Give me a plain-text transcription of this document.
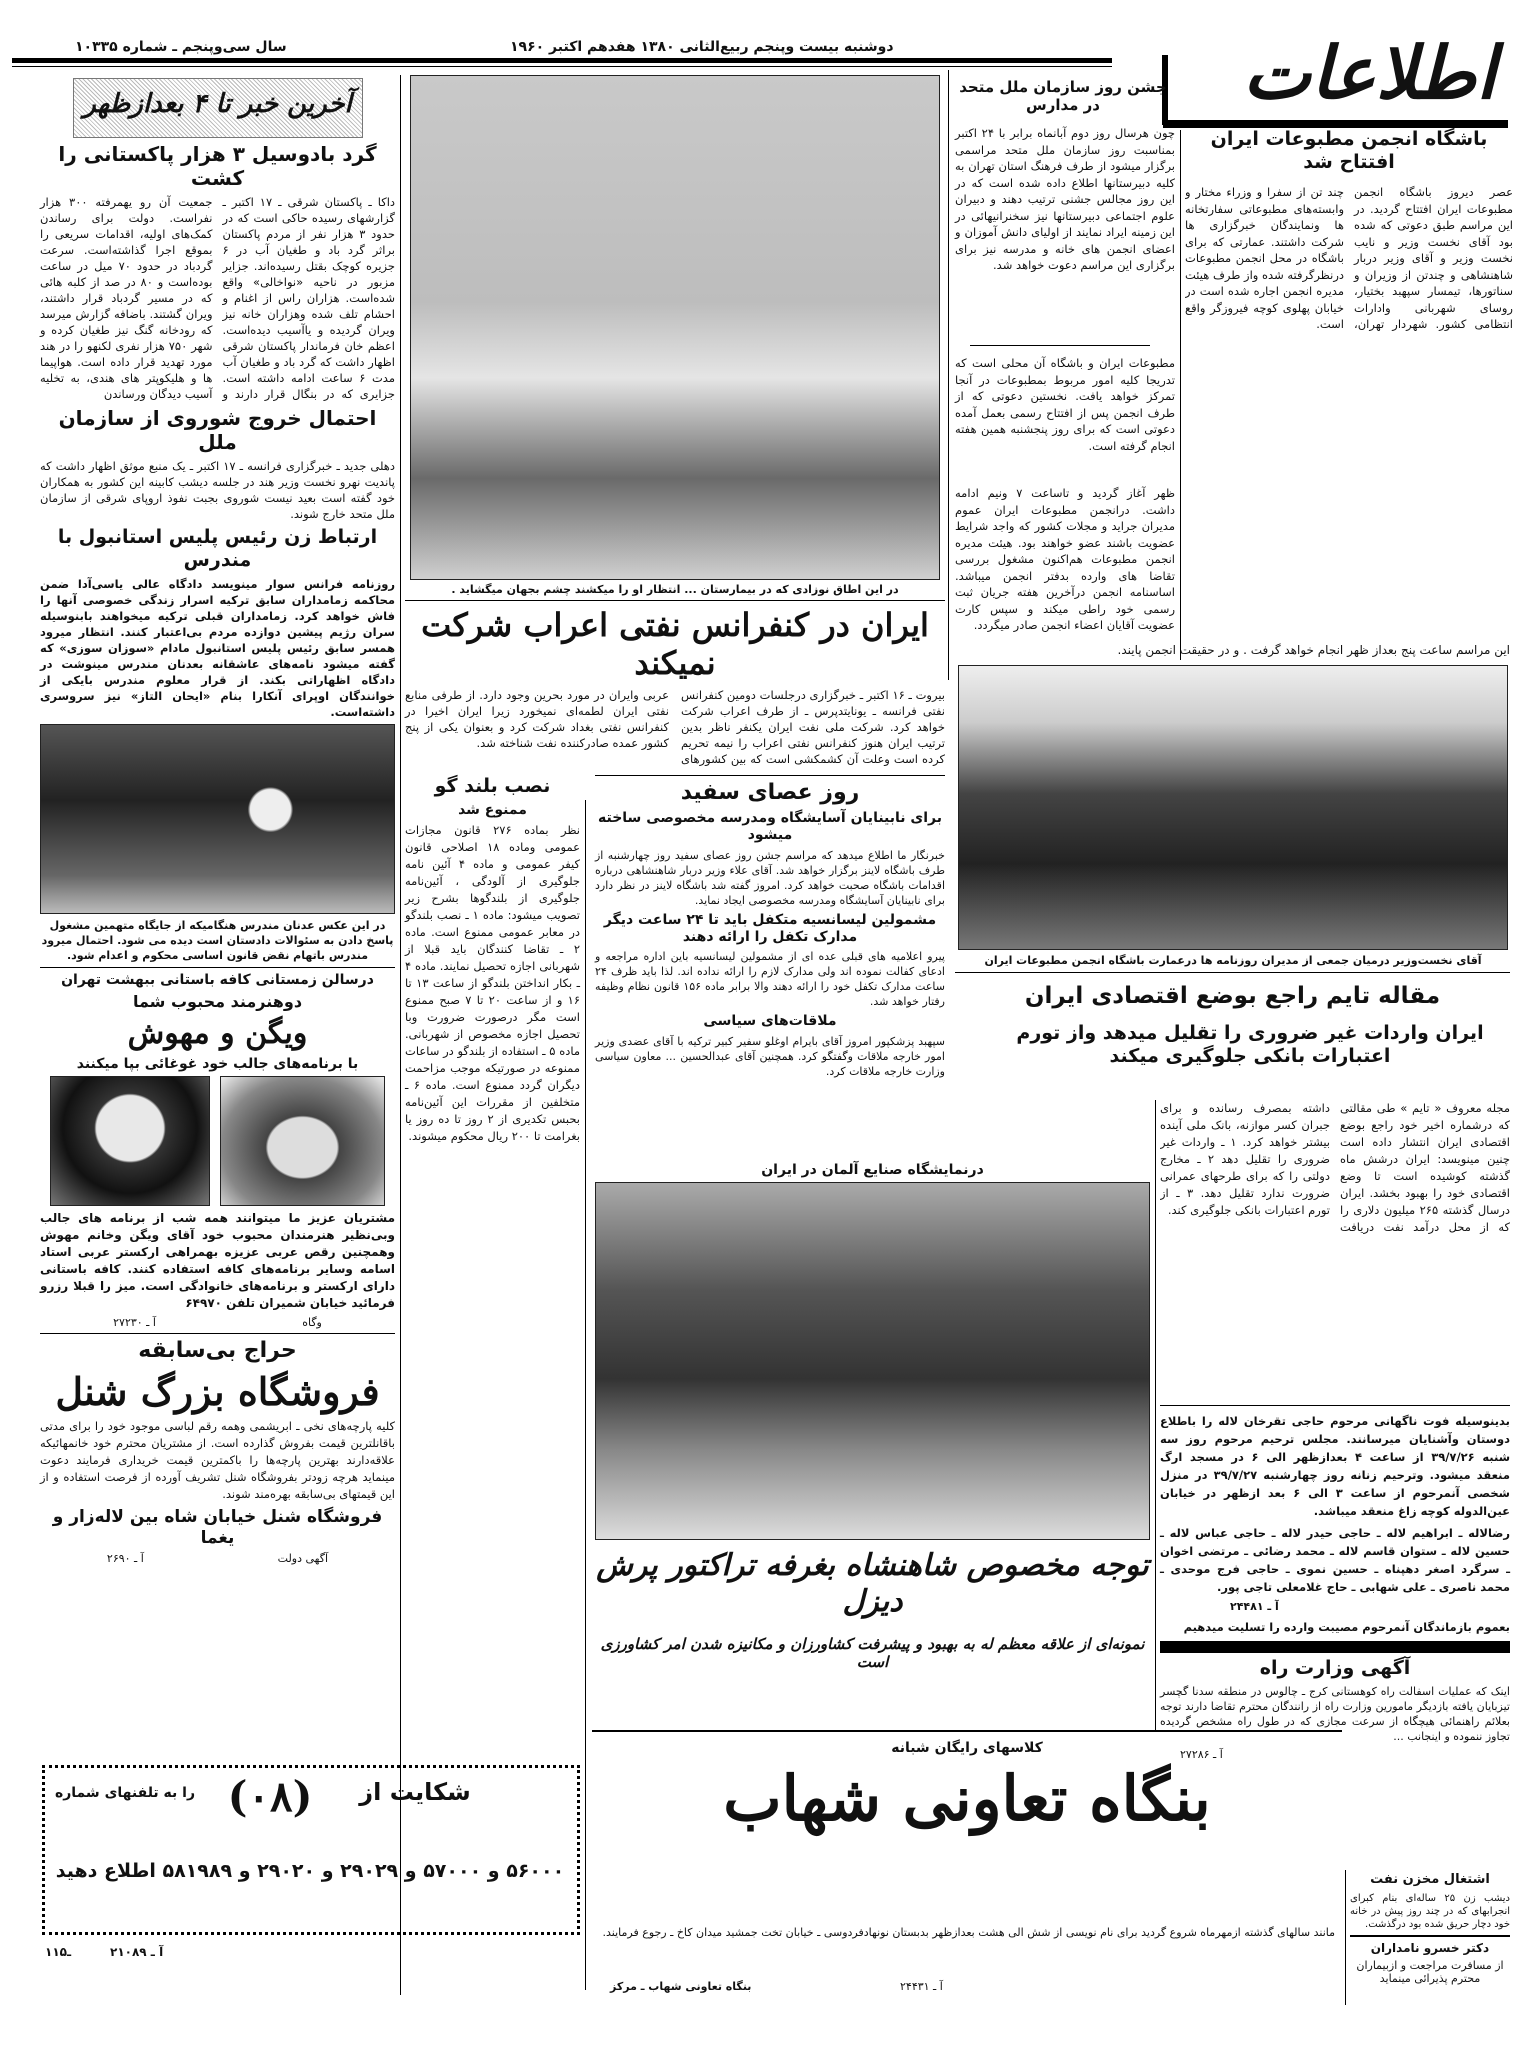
اطلاعات
دوشنبه بیست وپنجم ربیع‌الثانی ۱۳۸۰ هفدهم اکتبر ۱۹۶۰
سال سی‌وپنجم ـ شماره ۱۰۳۳۵
آخرین خبر تا ۴ بعدازظهر
گرد بادوسیل ۳ هزار پاکستانی را کشت
داکا ـ پاکستان شرقی ـ ۱۷ اکتبر ـ گزارشهای رسیده حاکی است که در حدود ۳ هزار نفر از مردم پاکستان براثر گرد باد و طغیان آب در ۶ جزیره کوچک بقتل رسیده‌اند. جزایر مزبور در ناحیه «نواخالی» واقع شده‌است. هزاران راس از اغنام و احشام تلف شده وهزاران خانه نیز ویران گردیده و یاآسیب دیده‌است. اعظم خان فرماندار پاکستان شرقی اظهار داشت که گرد باد و طغیان آب مدت ۶ ساعت ادامه داشته است. جزایری که در بنگال قرار دارند و جمعیت آن رو یهمرفته ۳۰۰ هزار نفراست. دولت برای رساندن کمک‌های اولیه، اقدامات سریعی را بموقع اجرا گذاشته‌است. سرعت گردباد در حدود ۷۰ میل در ساعت بوده‌است و ۸۰ در صد از کلبه هائی که در مسیر گردباد قرار داشتند، ویران گشتند. باضافه گزارش میرسد که رودخانه گنگ نیز طغیان کرده و شهر ۷۵۰ هزار نفری لکنهو را در هند مورد تهدید قرار داده است. هواپیما ها و هلیکوپتر های هندی، به تخلیه آسیب دیدگان ورساندن
احتمال خروج شوروی از سازمان ملل
دهلی جدید ـ خبرگزاری فرانسه ـ ۱۷ اکتبر ـ یک منبع موثق اظهار داشت که پاندیت نهرو نخست وزیر هند در جلسه دیشب کابینه این کشور به همکاران خود گفته است بعید نیست شوروی بجبت نفوذ اروپای شرقی از سازمان ملل متحد خارج شوند.
ارتباط زن رئیس پلیس استانبول با مندرس
روزنامه فرانس سوار مینویسد دادگاه عالی یاسی‌آدا ضمن محاکمه زمامداران سابق ترکیه اسرار زندگی خصوصی آنها را فاش خواهد کرد. زمامداران قبلی ترکیه میخواهند بابنوسیله سران رژیم پیشین دوازده مردم بی‌اعتبار کنند. انتظار میرود همسر سابق رئیس پلیس استانبول مادام «سوزان سوزی» که گفته میشود نامه‌های عاشقانه بعدنان مندرس مینوشت در دادگاه اظهاراتی بکند. از قرار معلوم مندرس بایکی از خوانندگان اوپرای آنکارا بنام «ایحان التاز» نیز سروسری داشته‌است.
در این عکس عدنان مندرس هنگامیکه از جایگاه متهمین مشغول پاسخ دادن به سئوالات دادستان است دیده می شود. احتمال میرود مندرس باتهام نقض قانون اساسی محکوم و اعدام شود.
درسالن زمستانی کافه باستانی ببهشت تهران
دوهنرمند محبوب شما
ویگن و مهوش
با برنامه‌های جالب خود غوغائی بپا میکنند
مشتریان عزیز ما میتوانند همه شب از برنامه های جالب وبی‌نظیر هنرمندان محبوب خود آقای ویگن وخانم مهوش وهمچنین رقص عربی عزیزه بهمراهی ارکستر عربی استاد اسامه وسایر برنامه‌های کافه استفاده کنند. کافه باستانی دارای ارکستر و برنامه‌های خانوادگی است. میز را قبلا رزرو فرمائید خیابان شمیران تلفن ۶۴۹۷۰
آ ـ ۲۷۲۳۰	وگاه
حراج بی‌سابقه
فروشگاه بزرگ شنل
کلیه پارچه‌های نخی ـ ابریشمی وهمه رقم لباسی موجود خود را برای مدتی باقانلترین قیمت بفروش گذارده است. از مشتریان محترم خود خانمهائیکه علاقه‌دارند بهترین پارچه‌ها را باکمترین قیمت خریداری فرمایند دعوت مینماید هرچه زودتر بفروشگاه شنل تشریف آورده از فرصت استفاده و از این قیمتهای بی‌سابقه بهره‌مند شوند.
فروشگاه شنل خیابان شاه بین لاله‌زار و یغما
آ ـ ۲۶۹۰	آگهی دولت
شکایت از
(۰۸)
را به تلفنهای شماره
۵۶۰۰۰ و ۵۷۰۰۰ و ۲۹۰۲۹ و ۲۹۰۲۰ و ۵۸۱۹۸۹ اطلاع دهید
آ ـ ۲۱۰۸۹
۱ـ۱۵
در این اطاق نوزادی که در بیمارستان ... انتظار او را میکشند چشم بجهان میگشاید .
ایران در کنفرانس نفتی اعراب شرکت نمیکند
بیروت ـ ۱۶ اکتبر ـ خبرگزاری درجلسات دومین کنفرانس نفتی فرانسه ـ یونایتدپرس ـ از طرف اعراب شرکت خواهد کرد. شرکت ملی نفت ایران یکنفر ناظر بدین ترتیب ایران هنوز کنفرانس نفتی اعراب را نیمه تحریم کرده است وعلت آن کشمکشی است که بین کشورهای عربی وایران در مورد بحرین وجود دارد. از طرفی منابع نفتی ایران لطمه‌ای نمیخورد زیرا ایران اخیرا در کنفرانس نفتی بغداد شرکت کرد و بعنوان یکی از پنج کشور عمده صادرکننده نفت شناخته شد.
نصب بلند گو
ممنوع شد
نظر بماده ۲۷۶ قانون مجازات عمومی وماده ۱۸ اصلاحی قانون کیفر عمومی و ماده ۴ آئین نامه جلوگیری از آلودگی ، آئین‌نامه جلوگیری از بلندگوها بشرح زیر تصویب میشود: ماده ۱ ـ نصب بلندگو در معابر عمومی ممنوع است. ماده ۲ ـ تقاضا کنندگان باید قبلا از شهربانی اجازه تحصیل نمایند. ماده ۴ ـ بکار انداختن بلندگو از ساعت ۱۳ تا ۱۶ و از ساعت ۲۰ تا ۷ صبح ممنوع است مگر درصورت ضرورت وبا تحصیل اجازه مخصوص از شهربانی. ماده ۵ ـ استفاده از بلندگو در ساعات ممنوعه در صورتیکه موجب مزاحمت دیگران گردد ممنوع است. ماده ۶ ـ متخلفین از مقررات این آئین‌نامه بحبس تکدیری از ۲ روز تا ده روز یا بغرامت تا ۲۰۰ ریال محکوم میشوند.
روز عصای سفید
برای نابینایان آسایشگاه ومدرسه مخصوصی ساخته میشود
خبرنگار ما اطلاع میدهد که مراسم جشن روز عصای سفید روز چهارشنبه از طرف باشگاه لاینز برگزار خواهد شد. آقای علاء وزیر دربار شاهنشاهی درباره اقدامات باشگاه صحبت خواهد کرد. امروز گفته شد باشگاه لاینز در نظر دارد برای نابینایان آسایشگاه ومدرسه مخصوصی ایجاد نماید.
مشمولین لیسانسیه متکفل باید تا ۲۴ ساعت دیگر مدارک تکفل را ارائه دهند
پیرو اعلامیه های قبلی عده ای از مشمولین لیسانسیه باین اداره مراجعه و ادعای کفالت نموده اند ولی مدارک لازم را ارائه نداده اند. لذا باید ظرف ۲۴ ساعت مدارک تکفل خود را ارائه دهند والا برابر ماده ۱۵۶ قانون نظام وظیفه رفتار خواهد شد.
ملاقات‌های سیاسی
سپهبد پزشکپور امروز آقای بایرام اوغلو سفیر کبیر ترکیه با آقای عضدی وزیر امور خارجه ملاقات وگفتگو کرد. همچنین آقای عبدالحسین ... معاون سیاسی وزارت خارجه ملاقات کرد.
درنمایشگاه صنایع آلمان در ایران
توجه مخصوص شاهنشاه بغرفه تراکتور پرش دیزل
نمونه‌ای از علاقه معظم له به بهبود و پیشرفت کشاورزان و مکانیزه شدن امر کشاورزی است
کلاسهای رایگان شبانه
بنگاه تعاونی شهاب
مانند سالهای گذشته ازمهرماه شروع گردید برای نام نویسی از شش الی هشت بعدازظهر بدبستان نونهادفردوسی ـ خیابان تخت جمشید میدان کاخ ـ رجوع فرمایند.
آ ـ ۲۴۴۳۱
بنگاه تعاونی شهاب ـ مرکز
جشن روز سازمان ملل متحد در مدارس
چون هرسال روز دوم آبانماه برابر با ۲۴ اکتبر بمناسبت روز سازمان ملل متحد مراسمی برگزار میشود از طرف فرهنگ استان تهران به کلیه دبیرستانها اطلاع داده شده است که در این روز مجالس جشنی ترتیب دهند و دبیران علوم اجتماعی دبیرستانها نیز سخنرانیهائی در این زمینه ایراد نمایند از اولیای دانش آموزان و اعضای انجمن های خانه و مدرسه نیز برای برگزاری این مراسم دعوت خواهد شد.
مطبوعات ایران و باشگاه آن محلی است که تدریجا کلیه امور مربوط بمطبوعات در آنجا تمرکز خواهد یافت. نخستین دعوتی که از طرف انجمن پس از افتتاح رسمی بعمل آمده دعوتی است که برای روز پنجشنبه همین هفته انجام گرفته است.
باشگاه انجمن مطبوعات ایران افتتاح شد
عصر دیروز باشگاه انجمن مطبوعات ایران افتتاح گردید. در این مراسم طبق دعوتی که شده بود آقای نخست وزیر و نایب نخست وزیر و آقای وزیر دربار شاهنشاهی و چندتن از وزیران و سناتورها، تیمسار سپهبد بختیار، روسای شهربانی وادارات انتظامی کشور. شهردار تهران، چند تن از سفرا و وزراء مختار و وابسته‌های مطبوعاتی سفارتخانه ها ونمایندگان خبرگزاری ها شرکت داشتند. عمارتی که برای باشگاه در محل انجمن مطبوعات درنظرگرفته شده واز طرف هیئت مدیره انجمن اجاره شده است در خیابان پهلوی کوچه فیروزگر واقع است.
ظهر آغاز گردید و تاساعت ۷ ونیم ادامه داشت. درانجمن مطبوعات ایران عموم مدیران جراید و مجلات کشور که واجد شرایط عضویت باشند عضو خواهند بود. هیئت مدیره انجمن مطبوعات هم‌اکنون مشغول بررسی تقاضا های وارده بدفتر انجمن میباشد. اساسنامه انجمن درآخرین هفته جریان ثبت رسمی خود راطی میکند و سپس کارت عضویت آقایان اعضاء انجمن صادر میگردد.
این مراسم ساعت پنج بعداز ظهر انجام خواهد گرفت . و در حقیقت انجمن پایند.
آقای نخست‌وزیر درمیان جمعی از مدیران روزنامه ها درعمارت باشگاه انجمن مطبوعات ایران
مقاله تایم راجع بوضع اقتصادی ایران
ایران واردات غیر ضروری را تقلیل میدهد واز تورم اعتبارات بانکی جلوگیری میکند
مجله معروف « تایم » طی مقالتی که درشماره اخیر خود راجع بوضع اقتصادی ایران انتشار داده است چنین مینویسد: ایران درشش ماه گذشته کوشیده است تا وضع اقتصادی خود را بهبود بخشد. ایران درسال گذشته ۲۶۵ میلیون دلاری را که از محل درآمد نفت دریافت داشته بمصرف رسانده و برای جبران کسر موازنه، بانک ملی آینده بیشتر خواهد کرد. ۱ ـ واردات غیر ضروری را تقلیل دهد ۲ ـ مخارج دولتی را که برای طرحهای عمرانی ضرورت ندارد تقلیل دهد. ۳ ـ از تورم اعتبارات بانکی جلوگیری کند.
بدینوسیله فوت ناگهانی مرحوم حاجی تقرخان لاله را باطلاع دوستان وآشنایان میرسانند. مجلس ترحیم مرحوم روز سه شنبه ۳۹/۷/۲۶ از ساعت ۴ بعدازظهر الی ۶ در مسجد ارگ منعقد میشود. وترحیم زنانه روز چهارشنبه ۳۹/۷/۲۷ در منزل شخصی آنمرحوم از ساعت ۳ الی ۶ بعد ازظهر در خیابان عین‌الدوله کوچه زاغ منعقد میباشد.
رضالاله ـ ابراهیم لاله ـ حاجی حیدر لاله ـ حاجی عباس لاله ـ حسین لاله ـ ستوان قاسم لاله ـ محمد رضائی ـ مرتضی اخوان ـ سرگرد اصغر دهپناه ـ حسین نموی ـ حاجی فرج موحدی ـ محمد ناصری ـ علی شهابی ـ حاج غلامعلی تاجی پور.
آ ـ ۲۴۴۸۱
بعموم بازماندگان آنمرحوم مصیبت وارده را تسلیت میدهیم
آگهی وزارت راه
اینک که عملیات اسفالت راه کوهستانی کرج ـ چالوس در منطقه سدنا گچسر تیزبایان یافته بازدیگر مامورین وزارت راه از رانندگان محترم تقاضا دارند توجه بعلائم راهنمائی هیچگاه از سرعت مجازی که در طول راه مشخص گردیده تجاوز ننموده و اینجانب ...
آ ـ ۲۷۲۸۶
اشتغال مخزن نفت
دیشب زن ۲۵ ساله‌ای بنام کبرای انجرابهای که در چند روز پیش در خانه خود دچار حریق شده بود درگذشت.
دکتر خسرو نامداران
از مسافرت مراجعت و ازبیماران محترم پذیرائی مینماید
